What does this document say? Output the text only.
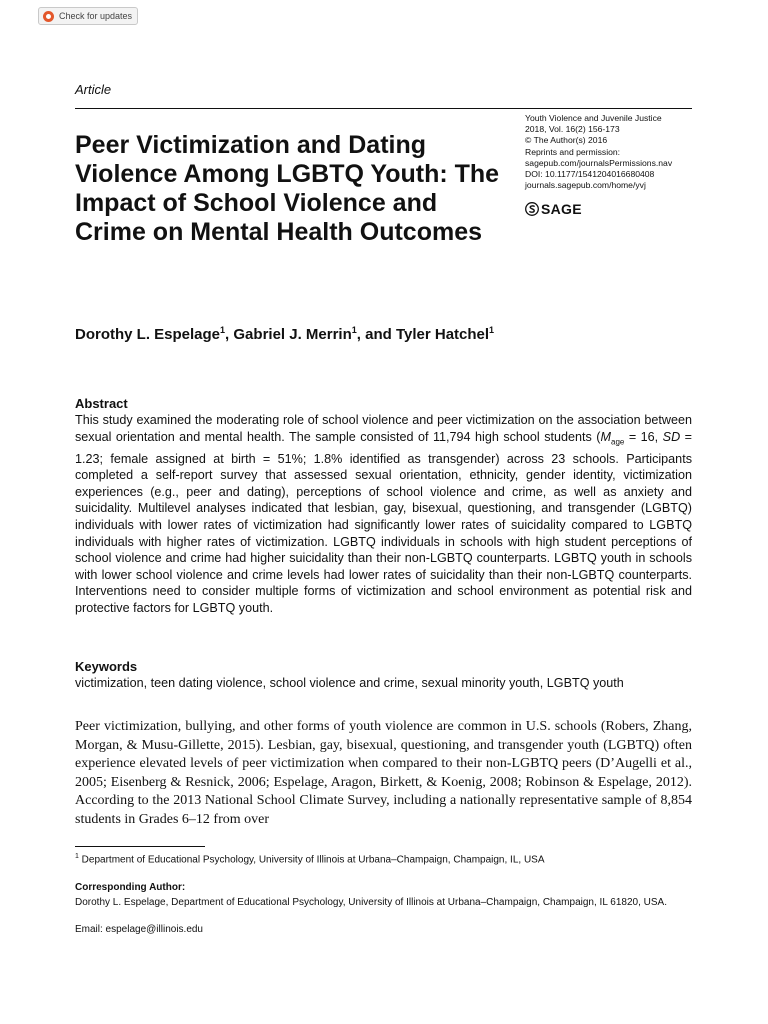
Check for updates
Article
Peer Victimization and Dating Violence Among LGBTQ Youth: The Impact of School Violence and Crime on Mental Health Outcomes
Youth Violence and Juvenile Justice
2018, Vol. 16(2) 156-173
© The Author(s) 2016
Reprints and permission:
sagepub.com/journalsPermissions.nav
DOI: 10.1177/1541204016680408
journals.sagepub.com/home/yvj
SAGE
Dorothy L. Espelage$^1$, Gabriel J. Merrin$^1$, and Tyler Hatchel$^1$
Abstract

This study examined the moderating role of school violence and peer victimization on the association between sexual orientation and mental health. The sample consisted of 11,794 high school students ($M_{age} = 16$, SD = 1.23; female assigned at birth = 51%; 1.8% identified as transgender) across 23 schools. Participants completed a self-report survey that assessed sexual orientation, ethnicity, gender identity, victimization experiences (e.g., peer and dating), perceptions of school violence and crime, as well as anxiety and suicidality. Multilevel analyses indicated that lesbian, gay, bisexual, questioning, and transgender (LGBTQ) individuals with lower rates of victimization had significantly lower rates of suicidality compared to LGBTQ individuals with higher rates of victimization. LGBTQ individuals in schools with high student perceptions of school violence and crime had higher suicidality than their non-LGBTQ counterparts. LGBTQ youth in schools with lower school violence and crime levels had lower rates of suicidality than their non-LGBTQ counterparts. Interventions need to consider multiple forms of victimization and school environment as potential risk and protective factors for LGBTQ youth.

Keywords
victimization, teen dating violence, school violence and crime, sexual minority youth, LGBTQ youth

Peer victimization, bullying, and other forms of youth violence are common in U.S. schools (Robers, Zhang, Morgan, & Musu-Gillette, 2015). Lesbian, gay, bisexual, questioning, and transgender youth (LGBTQ) often experience elevated levels of peer victimization when compared to their non-LGBTQ peers (D’Augelli et al., 2005; Eisenberg & Resnick, 2006; Espelage, Aragon, Birkett, & Koenig, 2008; Robinson & Espelage, 2012). According to the 2013 National School Climate Survey, including a nationally representative sample of 8,854 students in Grades 6–12 from over

$^1$ Department of Educational Psychology, University of Illinois at Urbana–Champaign, Champaign, IL, USA
Corresponding Author:

Dorothy L. Espelage, Department of Educational Psychology, University of Illinois at Urbana–Champaign, Champaign, IL 61820, USA.

Email: espelage@illinois.edu
